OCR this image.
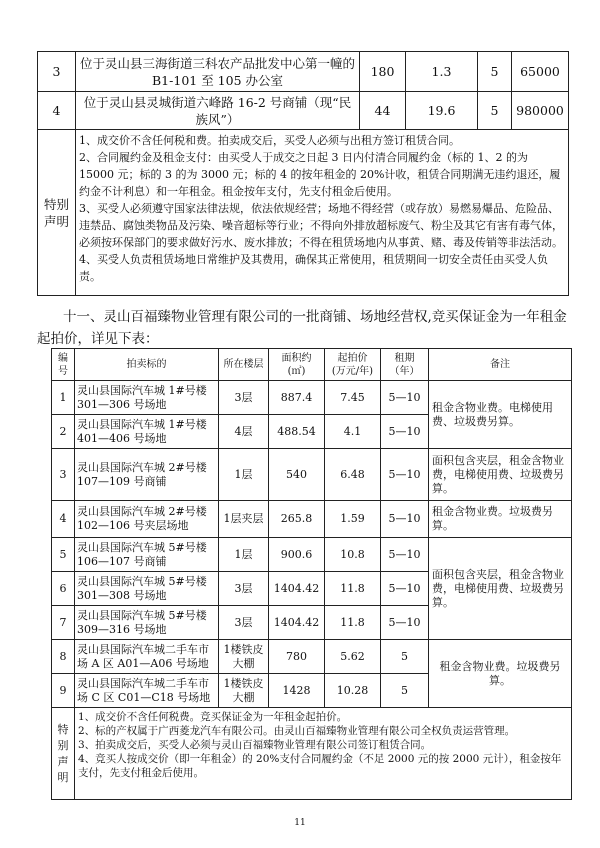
3	位于灵山县三海街道三科农产品批发中心第一幢的 B1-101 至 105 办公室	180	1.3	5	65000
4	位于灵山县灵城街道六峰路 16-2 号商铺（现“民族风”）	44	19.6	5	980000
特别声明	1、成交价不含任何税和费。拍卖成交后，买受人必须与出租方签订租赁合同。
2、合同履约金及租金支付：由买受人于成交之日起 3 日内付清合同履约金（标的 1、2 的为 15000 元；标的 3 的为 3000 元；标的 4 的按年租金的 20%计收，租赁合同期满无违约退还，履约金不计利息）和一年租金。租金按年支付，先支付租金后使用。
3、买受人必须遵守国家法律法规，依法依规经营；场地不得经营（或存放）易燃易爆品、危险品、违禁品、腐蚀类物品及污染、噪音超标等行业；不得向外排放超标废气、粉尘及其它有害有毒气体，必须按环保部门的要求做好污水、废水排放；不得在租赁场地内从事黄、赌、毒及传销等非法活动。
4、买受人负责租赁场地日常维护及其费用，确保其正常使用，租赁期间一切安全责任由买受人负责。				

十一、灵山百福臻物业管理有限公司的一批商铺、场地经营权,竞买保证金为一年租金起拍价，详见下表：

编号	拍卖标的	所在楼层	面积约
(㎡)	起拍价
(万元/年)	租期（年）	备注
1	灵山县国际汽车城 1#号楼 301—306 号场地	3层	887.4	7.45	5—10	租金含物业费。电梯使用费、垃圾费另算。
2	灵山县国际汽车城 1#号楼 401—406 号场地	4层	488.54	4.1	5—10	
3	灵山县国际汽车城 2#号楼 107—109 号商铺	1层	540	6.48	5—10	面积包含夹层，租金含物业费，电梯使用费、垃圾费另算。
4	灵山县国际汽车城 2#号楼 102—106 号夹层场地	1层夹层	265.8	1.59	5—10	租金含物业费。垃圾费另算。
5	灵山县国际汽车城 5#号楼 106—107 号商铺	1层	900.6	10.8	5—10	面积包含夹层，租金含物业费，电梯使用费、垃圾费另算。
6	灵山县国际汽车城 5#号楼 301—308 号场地	3层	1404.42	11.8	5—10	
7	灵山县国际汽车城 5#号楼 309—316 号场地	3层	1404.42	11.8	5—10	
8	灵山县国际汽车城二手车市场 A 区 A01—A06 号场地	1楼铁皮大棚	780	5.62	5	租金含物业费。垃圾费另算。
9	灵山县国际汽车城二手车市场 C 区 C01—C18 号场地	1楼铁皮大棚	1428	10.28	5	
特别声明	1、成交价不含任何税费。竞买保证金为一年租金起拍价。
2、标的产权属于广西菱龙汽车有限公司。由灵山百福臻物业管理有限公司全权负责运营管理。
3、拍卖成交后，买受人必须与灵山百福臻物业管理有限公司签订租赁合同。
4、竞买人按成交价（即一年租金）的 20%支付合同履约金（不足 2000 元的按 2000 元计），租金按年支付，先支付租金后使用。					
11
